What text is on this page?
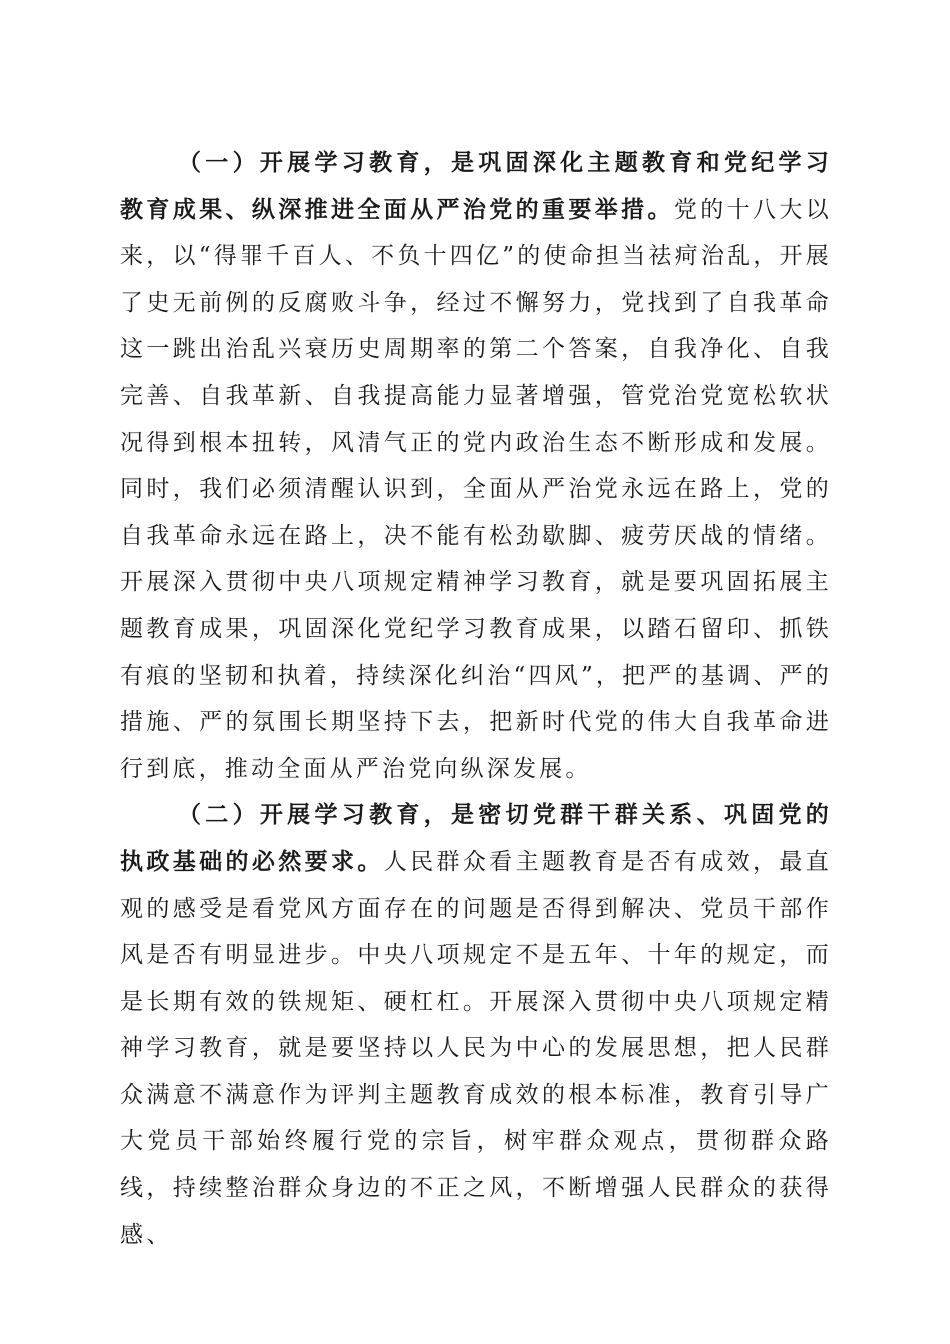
（一）开展学习教育，是巩固深化主题教育和党纪学习教育成果、纵深推进全面从严治党的重要举措。党的十八大以来，以“得罪千百人、不负十四亿”的使命担当祛疴治乱，开展了史无前例的反腐败斗争，经过不懈努力，党找到了自我革命这一跳出治乱兴衰历史周期率的第二个答案，自我净化、自我完善、自我革新、自我提高能力显著增强，管党治党宽松软状况得到根本扭转，风清气正的党内政治生态不断形成和发展。同时，我们必须清醒认识到，全面从严治党永远在路上，党的自我革命永远在路上，决不能有松劲歇脚、疲劳厌战的情绪。开展深入贯彻中央八项规定精神学习教育，就是要巩固拓展主题教育成果，巩固深化党纪学习教育成果，以踏石留印、抓铁有痕的坚韧和执着，持续深化纠治“四风”，把严的基调、严的措施、严的氛围长期坚持下去，把新时代党的伟大自我革命进行到底，推动全面从严治党向纵深发展。

（二）开展学习教育，是密切党群干群关系、巩固党的执政基础的必然要求。人民群众看主题教育是否有成效，最直观的感受是看党风方面存在的问题是否得到解决、党员干部作风是否有明显进步。中央八项规定不是五年、十年的规定，而是长期有效的铁规矩、硬杠杠。开展深入贯彻中央八项规定精神学习教育，就是要坚持以人民为中心的发展思想，把人民群众满意不满意作为评判主题教育成效的根本标准，教育引导广大党员干部始终履行党的宗旨，树牢群众观点，贯彻群众路线，持续整治群众身边的不正之风，不断增强人民群众的获得感、
